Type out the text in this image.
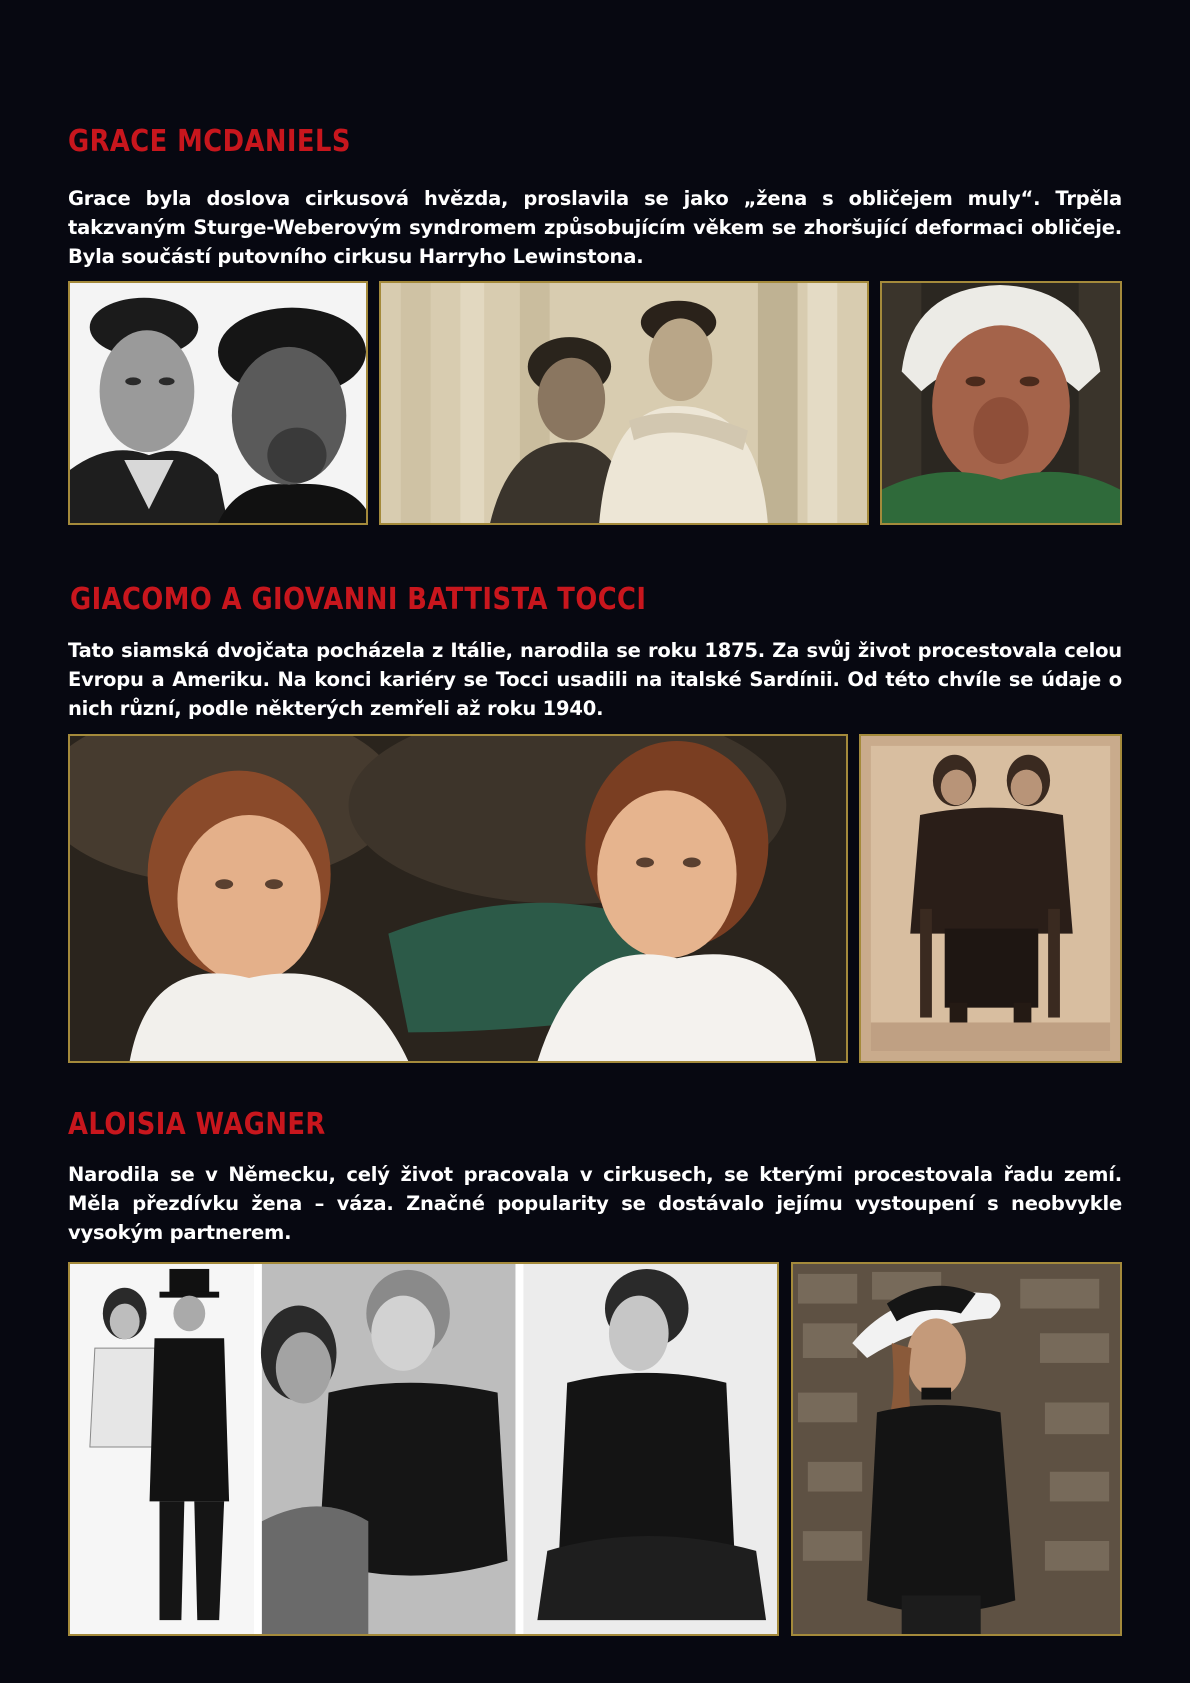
GRACE MCDANIELS

Grace byla doslova cirkusová hvězda, proslavila se jako „žena s obličejem muly“. Trpěla takzvaným Sturge-Weberovým syndromem způsobujícím věkem se zhoršující deformaci obličeje. Byla součástí putovního cirkusu Harryho Lewinstona.

GIACOMO A GIOVANNI BATTISTA TOCCI

Tato siamská dvojčata pocházela z Itálie, narodila se roku 1875. Za svůj život procestovala celou Evropu a Ameriku. Na konci kariéry se Tocci usadili na italské Sardínii. Od této chvíle se údaje o nich různí, podle některých zemřeli až roku 1940.

ALOISIA WAGNER

Narodila se v Německu, celý život pracovala v cirkusech, se kterými procestovala řadu zemí. Měla přezdívku žena – váza. Značné popularity se dostávalo jejímu vystoupení s neobvykle vysokým partnerem.
